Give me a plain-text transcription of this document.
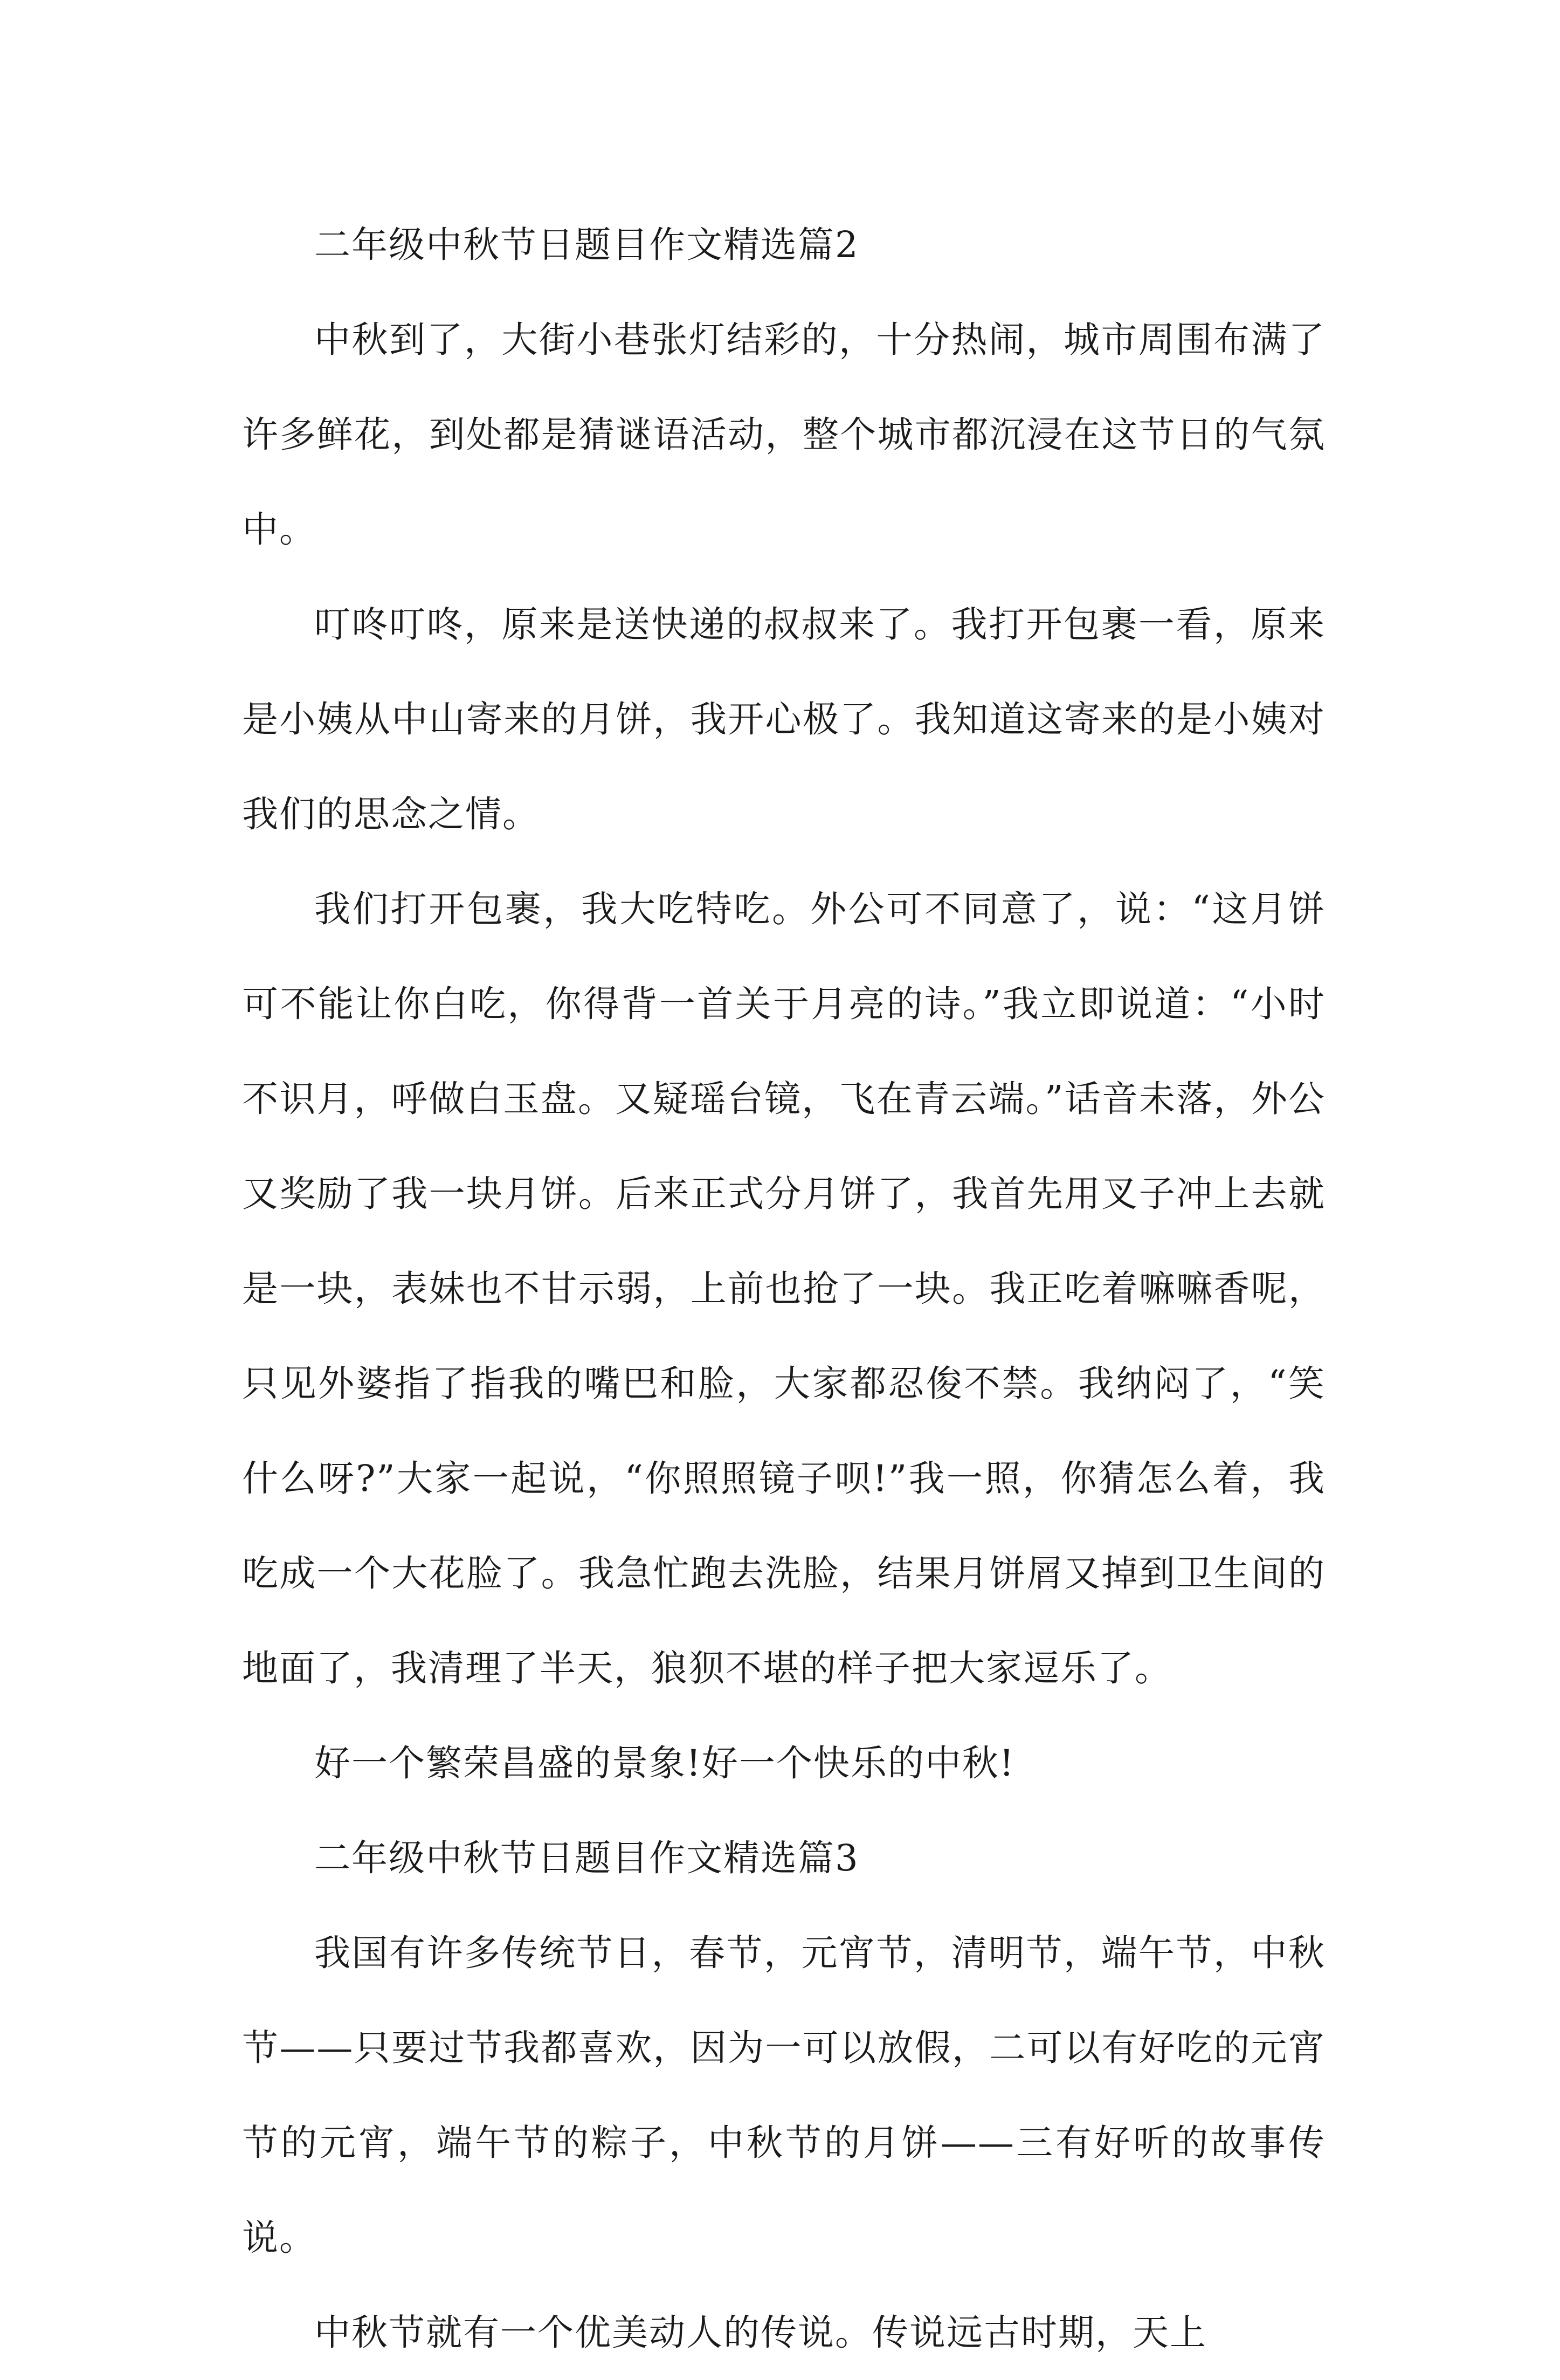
二年级中秋节日题目作文精选篇2

中秋到了，大街小巷张灯结彩的，十分热闹，城市周围布满了许多鲜花，到处都是猜谜语活动，整个城市都沉浸在这节日的气氛中。

叮咚叮咚，原来是送快递的叔叔来了。我打开包裹一看，原来是小姨从中山寄来的月饼，我开心极了。我知道这寄来的是小姨对我们的思念之情。

我们打开包裹，我大吃特吃。外公可不同意了，说：“这月饼可不能让你白吃，你得背一首关于月亮的诗。”我立即说道：“小时不识月，呼做白玉盘。又疑瑶台镜，飞在青云端。”话音未落，外公又奖励了我一块月饼。后来正式分月饼了，我首先用叉子冲上去就是一块，表妹也不甘示弱，上前也抢了一块。我正吃着嘛嘛香呢，只见外婆指了指我的嘴巴和脸，大家都忍俊不禁。我纳闷了，“笑什么呀?”大家一起说，“你照照镜子呗!”我一照，你猜怎么着，我吃成一个大花脸了。我急忙跑去洗脸，结果月饼屑又掉到卫生间的地面了，我清理了半天，狼狈不堪的样子把大家逗乐了。

好一个繁荣昌盛的景象!好一个快乐的中秋!

二年级中秋节日题目作文精选篇3

我国有许多传统节日，春节，元宵节，清明节，端午节，中秋节——只要过节我都喜欢，因为一可以放假，二可以有好吃的元宵节的元宵，端午节的粽子，中秋节的月饼——三有好听的故事传说。

中秋节就有一个优美动人的传说。传说远古时期，天上
